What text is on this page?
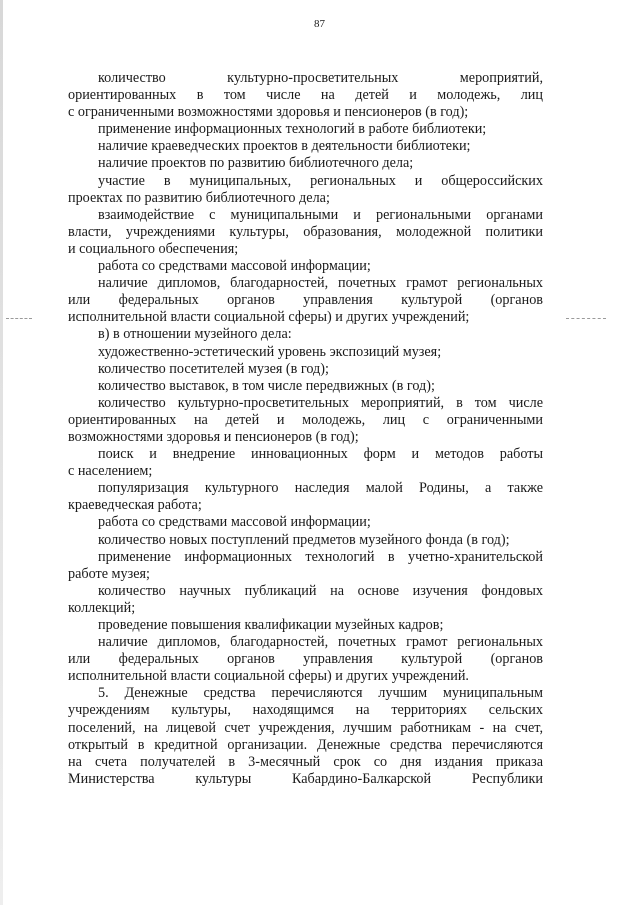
87
количество культурно-просветительных мероприятий,
ориентированных в том числе на детей и молодежь, лиц
с ограниченными возможностями здоровья и пенсионеров (в год);
применение информационных технологий в работе библиотеки;
наличие краеведческих проектов в деятельности библиотеки;
наличие проектов по развитию библиотечного дела;
участие в муниципальных, региональных и общероссийских
проектах по развитию библиотечного дела;
взаимодействие с муниципальными и региональными органами
власти, учреждениями культуры, образования, молодежной политики
и социального обеспечения;
работа со средствами массовой информации;
наличие дипломов, благодарностей, почетных грамот региональных
или федеральных органов управления культурой (органов
исполнительной власти социальной сферы) и других учреждений;
в) в отношении музейного дела:
художественно-эстетический уровень экспозиций музея;
количество посетителей музея (в год);
количество выставок, в том числе передвижных (в год);
количество культурно-просветительных мероприятий, в том числе
ориентированных на детей и молодежь, лиц с ограниченными
возможностями здоровья и пенсионеров (в год);
поиск и внедрение инновационных форм и методов работы
с населением;
популяризация культурного наследия малой Родины, а также
краеведческая работа;
работа со средствами массовой информации;
количество новых поступлений предметов музейного фонда (в год);
применение информационных технологий в учетно-хранительской
работе музея;
количество научных публикаций на основе изучения фондовых
коллекций;
проведение повышения квалификации музейных кадров;
наличие дипломов, благодарностей, почетных грамот региональных
или федеральных органов управления культурой (органов
исполнительной власти социальной сферы) и других учреждений.
5. Денежные средства перечисляются лучшим муниципальным
учреждениям культуры, находящимся на территориях сельских
поселений, на лицевой счет учреждения, лучшим работникам - на счет,
открытый в кредитной организации. Денежные средства перечисляются
на счета получателей в 3-месячный срок со дня издания приказа
Министерства культуры Кабардино-Балкарской Республики
